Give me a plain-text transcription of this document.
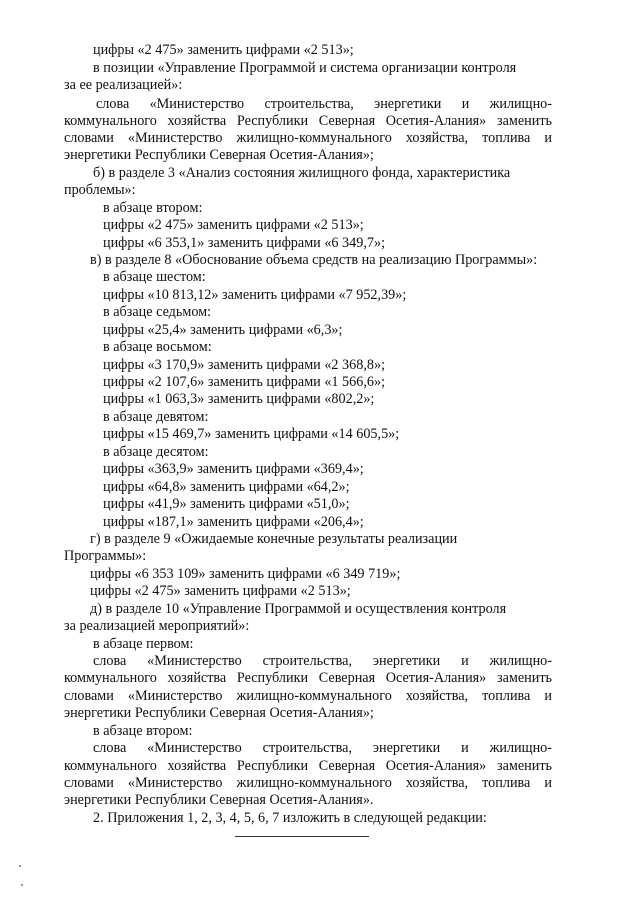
цифры «2 475» заменить цифрами «2 513»;
в позиции «Управление Программой и система организации контроля
за ее реализацией»:
слова «Министерство строительства, энергетики и жилищно-
коммунального хозяйства Республики Северная Осетия-Алания» заменить
словами «Министерство жилищно-коммунального хозяйства, топлива и
энергетики Республики Северная Осетия-Алания»;
б) в разделе 3 «Анализ состояния жилищного фонда, характеристика
проблемы»:
в абзаце втором:
цифры «2 475» заменить цифрами «2 513»;
цифры «6 353,1» заменить цифрами «6 349,7»;
в) в разделе 8 «Обоснование объема средств на реализацию Программы»:
в абзаце шестом:
цифры «10 813,12» заменить цифрами «7 952,39»;
в абзаце седьмом:
цифры «25,4» заменить цифрами «6,3»;
в абзаце восьмом:
цифры «3 170,9» заменить цифрами «2 368,8»;
цифры «2 107,6» заменить цифрами «1 566,6»;
цифры «1 063,3» заменить цифрами «802,2»;
в абзаце девятом:
цифры «15 469,7» заменить цифрами «14 605,5»;
в абзаце десятом:
цифры «363,9» заменить цифрами «369,4»;
цифры «64,8» заменить цифрами «64,2»;
цифры «41,9» заменить цифрами «51,0»;
цифры «187,1» заменить цифрами «206,4»;
г) в разделе 9 «Ожидаемые конечные результаты реализации
Программы»:
цифры «6 353 109» заменить цифрами «6 349 719»;
цифры «2 475» заменить цифрами «2 513»;
д) в разделе 10 «Управление Программой и осуществления контроля
за реализацией мероприятий»:
в абзаце первом:
слова «Министерство строительства, энергетики и жилищно-
коммунального хозяйства Республики Северная Осетия-Алания» заменить
словами «Министерство жилищно-коммунального хозяйства, топлива и
энергетики Республики Северная Осетия-Алания»;
в абзаце втором:
слова «Министерство строительства, энергетики и жилищно-
коммунального хозяйства Республики Северная Осетия-Алания» заменить
словами «Министерство жилищно-коммунального хозяйства, топлива и
энергетики Республики Северная Осетия-Алания».
2. Приложения 1, 2, 3, 4, 5, 6, 7 изложить в следующей редакции:
